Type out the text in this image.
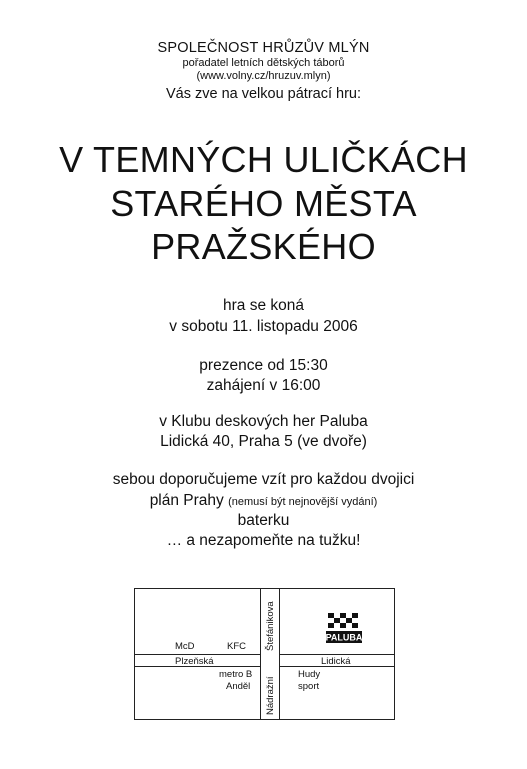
SPOLEČNOST HRŮZŮV MLÝN
pořadatel letních dětských táborů
(www.volny.cz/hruzuv.mlyn)
Vás zve na velkou pátrací hru:
V TEMNÝCH ULIČKÁCH
STARÉHO MĚSTA
PRAŽSKÉHO
hra se koná
v sobotu 11. listopadu 2006
prezence od 15:30
zahájení v 16:00
v Klubu deskových her Paluba
Lidická 40, Praha 5 (ve dvoře)
sebou doporučujeme vzít pro každou dvojici
plán Prahy (nemusí být nejnovější vydání)
baterku
… a nezapomeňte na tužku!
McD	KFC
Plzeňská	Lidická
Štefánikova
Nádražní
metro B
Anděl
Hudy
sport
PALUBA
